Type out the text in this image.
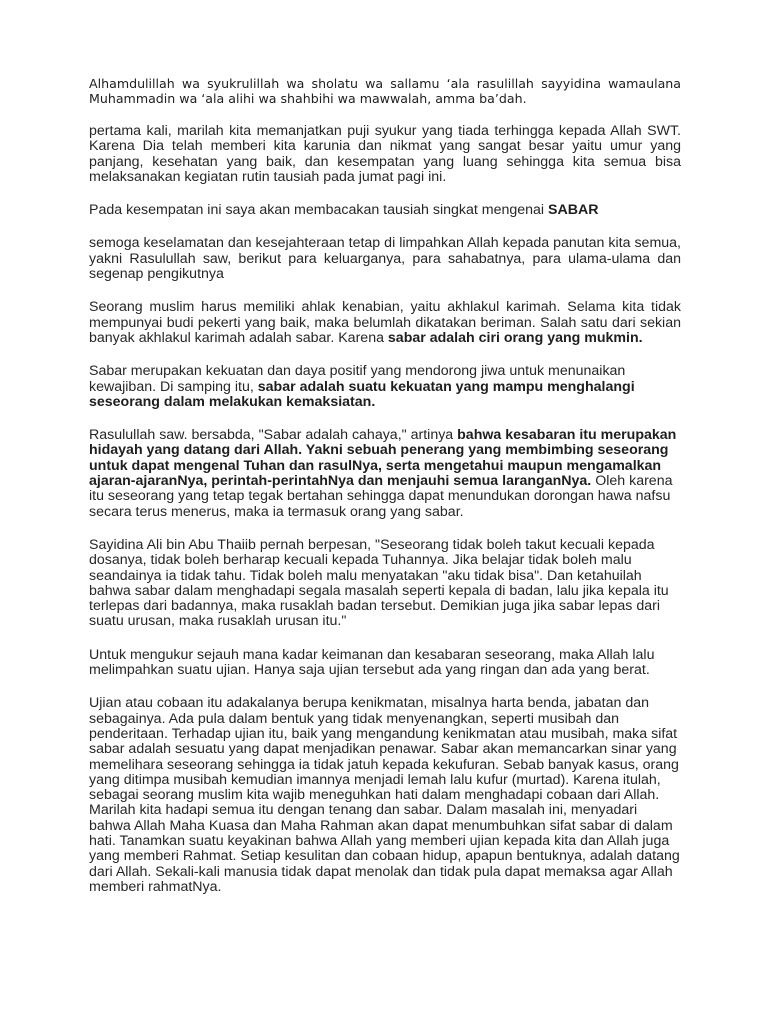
Alhamdulillah wa syukrulillah wa sholatu wa sallamu ‘ala rasulillah sayyidina wamaulana Muhammadin wa ‘ala alihi wa shahbihi wa mawwalah, amma ba’dah.

pertama kali, marilah kita memanjatkan puji syukur yang tiada terhingga kepada Allah SWT. Karena Dia telah memberi kita karunia dan nikmat yang sangat besar yaitu umur yang panjang, kesehatan yang baik, dan kesempatan yang luang sehingga kita semua bisa melaksanakan kegiatan rutin tausiah pada jumat pagi ini.

Pada kesempatan ini saya akan membacakan tausiah singkat mengenai SABAR

semoga keselamatan dan kesejahteraan tetap di limpahkan Allah kepada panutan kita semua, yakni Rasulullah saw, berikut para keluarganya, para sahabatnya, para ulama-ulama dan segenap pengikutnya

Seorang muslim harus memiliki ahlak kenabian, yaitu akhlakul karimah. Selama kita tidak mempunyai budi pekerti yang baik, maka belumlah dikatakan beriman. Salah satu dari sekian banyak akhlakul karimah adalah sabar. Karena sabar adalah ciri orang yang mukmin.

Sabar merupakan kekuatan dan daya positif yang mendorong jiwa untuk menunaikan kewajiban. Di samping itu, sabar adalah suatu kekuatan yang mampu menghalangi seseorang dalam melakukan kemaksiatan.

Rasulullah saw. bersabda, "Sabar adalah cahaya," artinya bahwa kesabaran itu merupakan hidayah yang datang dari Allah. Yakni sebuah penerang yang membimbing seseorang untuk dapat mengenal Tuhan dan rasulNya, serta mengetahui maupun mengamalkan ajaran-ajaranNya, perintah-perintahNya dan menjauhi semua laranganNya. Oleh karena itu seseorang yang tetap tegak bertahan sehingga dapat menundukan dorongan hawa nafsu secara terus menerus, maka ia termasuk orang yang sabar.

Sayidina Ali bin Abu Thaiib pernah berpesan, "Seseorang tidak boleh takut kecuali kepada dosanya, tidak boleh berharap kecuali kepada Tuhannya. Jika belajar tidak boleh malu seandainya ia tidak tahu. Tidak boleh malu menyatakan "aku tidak bisa". Dan ketahuilah bahwa sabar dalam menghadapi segala masalah seperti kepala di badan, lalu jika kepala itu terlepas dari badannya, maka rusaklah badan tersebut. Demikian juga jika sabar lepas dari suatu urusan, maka rusaklah urusan itu."

Untuk mengukur sejauh mana kadar keimanan dan kesabaran seseorang, maka Allah lalu melimpahkan suatu ujian. Hanya saja ujian tersebut ada yang ringan dan ada yang berat.

Ujian atau cobaan itu adakalanya berupa kenikmatan, misalnya harta benda, jabatan dan sebagainya. Ada pula dalam bentuk yang tidak menyenangkan, seperti musibah dan penderitaan. Terhadap ujian itu, baik yang mengandung kenikmatan atau musibah, maka sifat sabar adalah sesuatu yang dapat menjadikan penawar. Sabar akan memancarkan sinar yang memelihara seseorang sehingga ia tidak jatuh kepada kekufuran. Sebab banyak kasus, orang yang ditimpa musibah kemudian imannya menjadi lemah lalu kufur (murtad). Karena itulah, sebagai seorang muslim kita wajib meneguhkan hati dalam menghadapi cobaan dari Allah. Marilah kita hadapi semua itu dengan tenang dan sabar. Dalam masalah ini, menyadari bahwa Allah Maha Kuasa dan Maha Rahman akan dapat menumbuhkan sifat sabar di dalam hati. Tanamkan suatu keyakinan bahwa Allah yang memberi ujian kepada kita dan Allah juga yang memberi Rahmat. Setiap kesulitan dan cobaan hidup, apapun bentuknya, adalah datang dari Allah. Sekali-kali manusia tidak dapat menolak dan tidak pula dapat memaksa agar Allah memberi rahmatNya.
